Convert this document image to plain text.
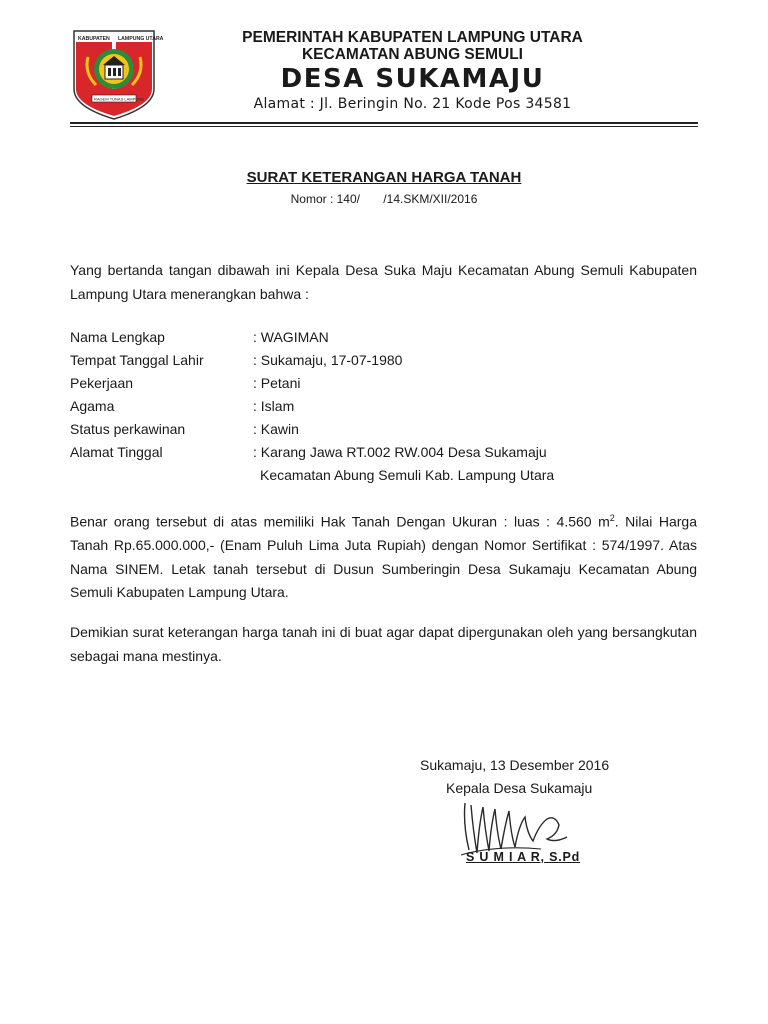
KABUPATEN LAMPUNG UTARA
RAGEM TUNAS LAMPUNG
PEMERINTAH KABUPATEN LAMPUNG UTARA
KECAMATAN ABUNG SEMULI
DESA SUKAMAJU
Alamat : Jl. Beringin No. 21 Kode Pos 34581
SURAT KETERANGAN HARGA TANAH
Nomor : 140/       /14.SKM/XII/2016
Yang bertanda tangan dibawah ini Kepala Desa Suka Maju Kecamatan Abung Semuli Kabupaten Lampung Utara menerangkan bahwa :
Nama Lengkap	: WAGIMAN
Tempat Tanggal Lahir	: Sukamaju, 17-07-1980
Pekerjaan	: Petani
Agama	: Islam
Status perkawinan	: Kawin
Alamat Tinggal	: Karang Jawa RT.002 RW.004 Desa Sukamaju
Kecamatan Abung Semuli Kab. Lampung Utara
Benar orang tersebut di atas memiliki Hak Tanah Dengan Ukuran : luas : 4.560 $m^2$. Nilai Harga Tanah Rp.65.000.000,- (Enam Puluh Lima Juta Rupiah) dengan Nomor Sertifikat : 574/1997. Atas Nama SINEM. Letak tanah tersebut di Dusun Sumberingin Desa Sukamaju Kecamatan Abung Semuli Kabupaten Lampung Utara.
Demikian surat keterangan harga tanah ini di buat agar dapat dipergunakan oleh yang bersangkutan sebagai mana mestinya.
Sukamaju, 13 Desember 2016
Kepala Desa Sukamaju
S U M I A R, S.Pd
